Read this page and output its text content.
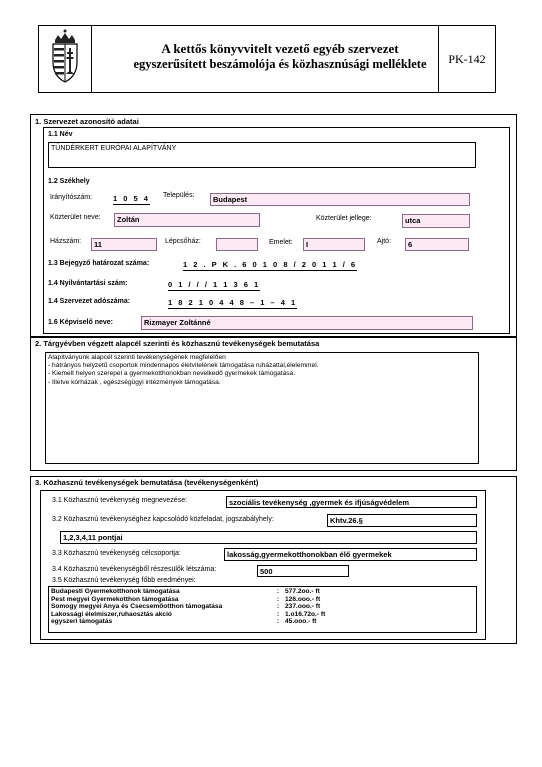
A kettős könyvvitelt vezető egyéb szervezet
egyszerűsített beszámolója és közhasznúsági melléklete	PK-142
1. Szervezet azonosító adatai
1.1 Név
TÜNDÉRKERT EURÓPAI ALAPÍTVÁNY
1.2 Székhely
Irányítószám:	1 0 5 4 Település:	Budapest
Közterület neve:	Zoltán	Közterület jellege:	utca
Házszám:	11	Lépcsőház:	Emelet:	I	Ajtó:	6
1.3 Bejegyző határozat száma:	1 2 . P K . 6 0 1 0 8 / 2 0 1 1 / 6
1.4 Nyilvántartási szám:	0 1 / / / 1 1 3 6 1
1.4 Szervezet adószáma:	1 8 2 1 0 4 4 8 – 1 – 4 1
1.6 Képviselő neve:	Rizmayer Zoltánné
2. Tárgyévben végzett alapcél szerinti és közhasznú tevékenységek bemutatása
Alapítványunk alapcél szerinti tevékenységének megfelelően
- hátrányos helyzetű csoportok mindennapos életvitelének támogatása ruházattal,élelemmel.
- Kiemelt helyen szerepel a gyermekotthonokban nevelkedő gyermekek támogatása.
- Illetve kórházak , egészségügyi intézmények támogatása.
3. Közhasznú tevékenységek bemutatása (tevékenységenként)
3.1 Közhasznú tevékenység megnevezése:	szociális tevékenység ,gyermek és ifjúságvédelem
3.2 Közhasznú tevékenységhez kapcsolódó közfeladat, jogszabályhely:	Khtv.26.§
1,2,3,4,11 pontjai
3.3 Közhasznú tevékenység célcsoportja:	lakosság,gyermekotthonokban élő gyermekek
3.4 Közhasznú tevékenységből részesülők létszáma:	500
3.5 Közhasznú tevékenység főbb eredményei:
Budapesti Gyermekotthonok támogatása	: 577.2oo.- ft
Pest megyei Gyermekotthon támogatása	: 126.ooo.- ft
Somogy megyei Anya és Csecsemőotthon támogatása	: 237.ooo.- ft
Lakossági élelmiszer,ruhaosztás akció	: 1.o16.72o.- ft
egyszeri támogatás	: 45.ooo.- ft
